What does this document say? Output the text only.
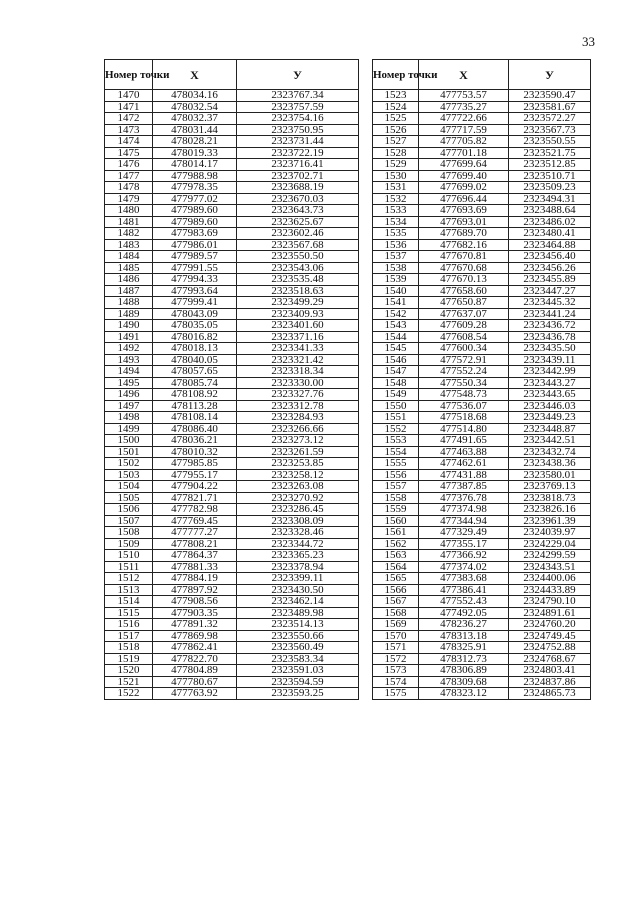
33
Номер точки	X	У
1470	478034.16	2323767.34
1471	478032.54	2323757.59
1472	478032.37	2323754.16
1473	478031.44	2323750.95
1474	478028.21	2323731.44
1475	478019.33	2323722.19
1476	478014.17	2323716.41
1477	477988.98	2323702.71
1478	477978.35	2323688.19
1479	477977.02	2323670.03
1480	477989.60	2323643.73
1481	477989.60	2323625.67
1482	477983.69	2323602.46
1483	477986.01	2323567.68
1484	477989.57	2323550.50
1485	477991.55	2323543.06
1486	477994.33	2323535.48
1487	477993.64	2323518.63
1488	477999.41	2323499.29
1489	478043.09	2323409.93
1490	478035.05	2323401.60
1491	478016.82	2323371.16
1492	478018.13	2323341.33
1493	478040.05	2323321.42
1494	478057.65	2323318.34
1495	478085.74	2323330.00
1496	478108.92	2323327.76
1497	478113.28	2323312.78
1498	478108.14	2323284.93
1499	478086.40	2323266.66
1500	478036.21	2323273.12
1501	478010.32	2323261.59
1502	477985.85	2323253.85
1503	477955.17	2323258.12
1504	477904.22	2323263.08
1505	477821.71	2323270.92
1506	477782.98	2323286.45
1507	477769.45	2323308.09
1508	477777.27	2323328.46
1509	477808.21	2323344.72
1510	477864.37	2323365.23
1511	477881.33	2323378.94
1512	477884.19	2323399.11
1513	477897.92	2323430.50
1514	477908.56	2323462.14
1515	477903.35	2323489.98
1516	477891.32	2323514.13
1517	477869.98	2323550.66
1518	477862.41	2323560.49
1519	477822.70	2323583.34
1520	477804.89	2323591.03
1521	477780.67	2323594.59
1522	477763.92	2323593.25
Номер точки	X	У
1523	477753.57	2323590.47
1524	477735.27	2323581.67
1525	477722.66	2323572.27
1526	477717.59	2323567.73
1527	477705.82	2323550.55
1528	477701.18	2323521.75
1529	477699.64	2323512.85
1530	477699.40	2323510.71
1531	477699.02	2323509.23
1532	477696.44	2323494.31
1533	477693.69	2323488.64
1534	477693.01	2323486.02
1535	477689.70	2323480.41
1536	477682.16	2323464.88
1537	477670.81	2323456.40
1538	477670.68	2323456.26
1539	477670.13	2323455.89
1540	477658.60	2323447.27
1541	477650.87	2323445.32
1542	477637.07	2323441.24
1543	477609.28	2323436.72
1544	477608.54	2323436.78
1545	477600.34	2323435.50
1546	477572.91	2323439.11
1547	477552.24	2323442.99
1548	477550.34	2323443.27
1549	477548.73	2323443.65
1550	477536.07	2323446.03
1551	477518.68	2323449.23
1552	477514.80	2323448.87
1553	477491.65	2323442.51
1554	477463.88	2323432.74
1555	477462.61	2323438.36
1556	477431.88	2323580.01
1557	477387.85	2323769.13
1558	477376.78	2323818.73
1559	477374.98	2323826.16
1560	477344.94	2323961.39
1561	477329.49	2324039.97
1562	477355.17	2324229.04
1563	477366.92	2324299.59
1564	477374.02	2324343.51
1565	477383.68	2324400.06
1566	477386.41	2324433.89
1567	477552.43	2324790.10
1568	477492.05	2324891.61
1569	478236.27	2324760.20
1570	478313.18	2324749.45
1571	478325.91	2324752.88
1572	478312.73	2324768.67
1573	478306.89	2324803.41
1574	478309.68	2324837.86
1575	478323.12	2324865.73
